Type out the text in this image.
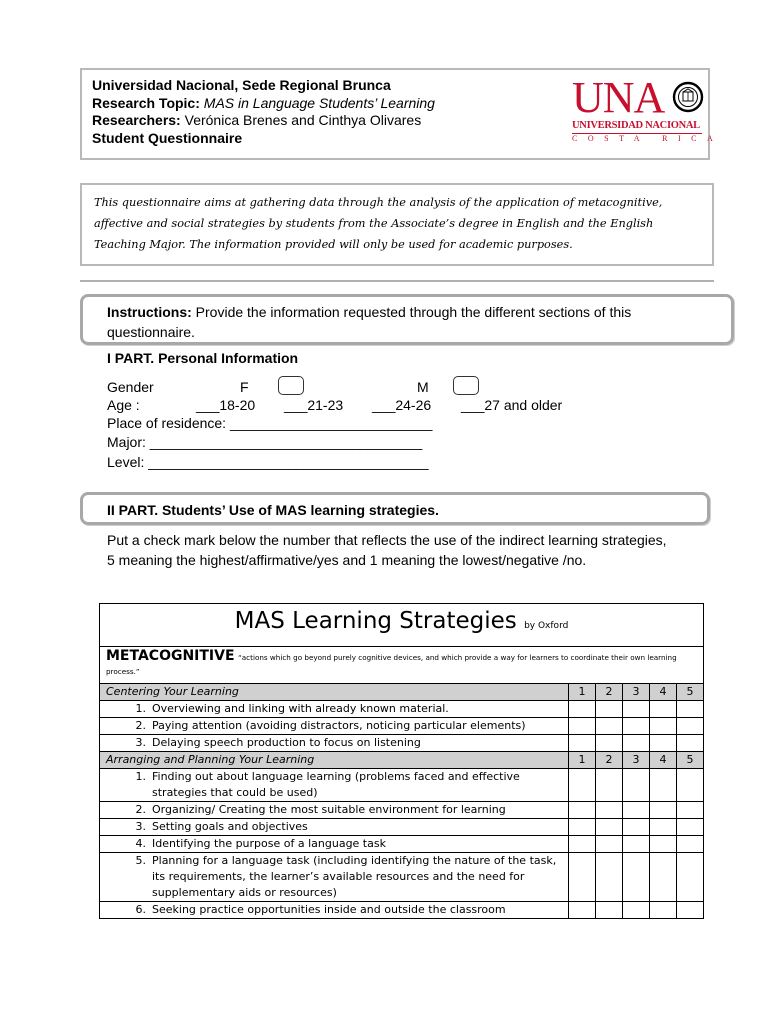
Universidad Nacional, Sede Regional Brunca
Research Topic: MAS in Language Students’ Learning
Researchers: Verónica Brenes and Cinthya Olivares
Student Questionnaire
UNA
UNIVERSIDAD NACIONAL
COSTA RICA
This questionnaire aims at gathering data through the analysis of the application of metacognitive, affective and social strategies by students from the Associate’s degree in English and the English Teaching Major. The information provided will only be used for academic purposes.
Instructions: Provide the information requested through the different sections of this questionnaire.
I PART. Personal Information
Gender	F	M
Age :	___18-20 ___21-23 ___24-26 ___27 and older
Place of residence: __________________________
Major: ___________________________________
Level: ____________________________________
II PART. Students’ Use of MAS learning strategies.
Put a check mark below the number that reflects the use of the indirect learning strategies, 5 meaning the highest/affirmative/yes and 1 meaning the lowest/negative /no.
MAS Learning Strategies by Oxford					

METACOGNITIVE “actions which go beyond purely cognitive devices, and which provide a way for learners to coordinate their own learning process.”					

Centering Your Learning	1	2	3	4	5

1. Overviewing and linking with already known material.					

2. Paying attention (avoiding distractors, noticing particular elements)					

3. Delaying speech production to focus on listening					

Arranging and Planning Your Learning	1	2	3	4	5

1. Finding out about language learning (problems faced and effective strategies that could be used)					

2. Organizing/ Creating the most suitable environment for learning					

3. Setting goals and objectives					

4. Identifying the purpose of a language task					

5. Planning for a language task (including identifying the nature of the task, its requirements, the learner’s available resources and the need for supplementary aids or resources)					

6. Seeking practice opportunities inside and outside the classroom					
